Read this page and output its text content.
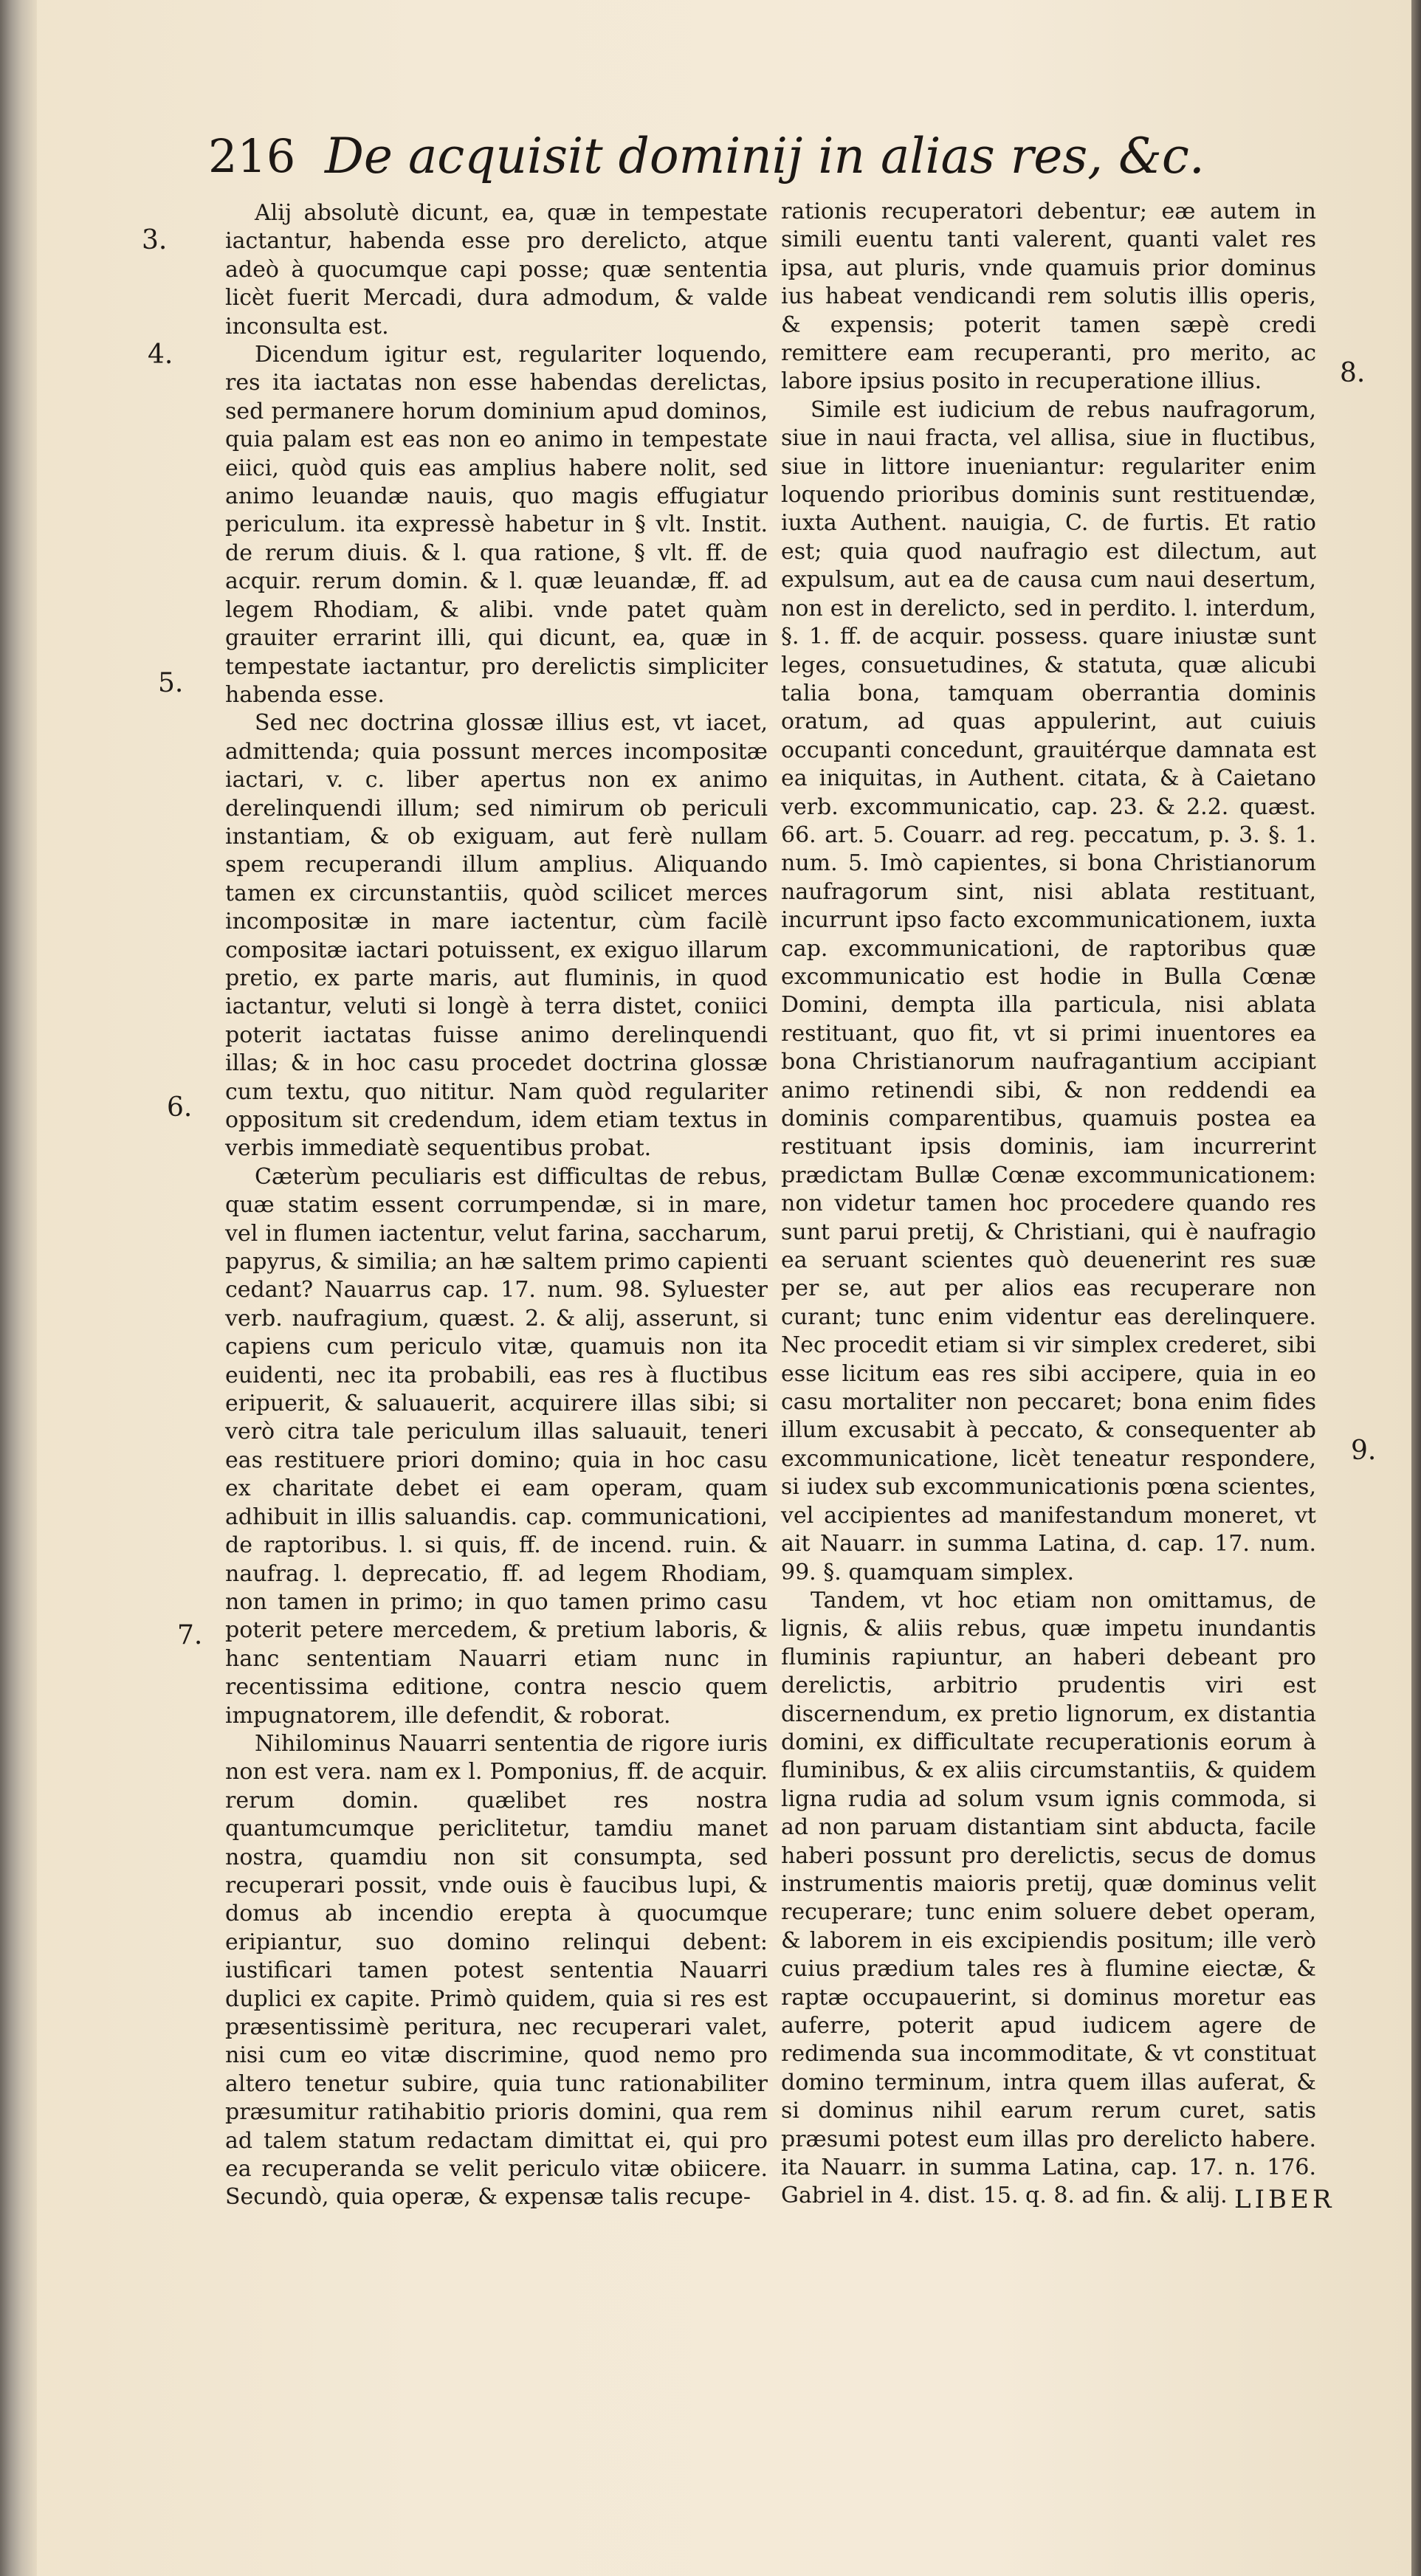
216 De acquisit dominij in alias res, &c.
3.
4.
5.
6.
7.
8.
9.

Alij absolutè dicunt, ea, quæ in tempestate iactantur, habenda esse pro derelicto, atque adeò à quocumque capi posse; quæ sententia licèt fuerit Mercadi, dura admodum, & valde inconsulta est.

Dicendum igitur est, regulariter loquendo, res ita iactatas non esse habendas derelictas, sed permanere horum dominium apud dominos, quia palam est eas non eo animo in tempestate eiici, quòd quis eas amplius habere nolit, sed animo leuandæ nauis, quo magis effugiatur periculum. ita expressè habetur in § vlt. Instit. de rerum diuis. & l. qua ratione, § vlt. ff. de acquir. rerum domin. & l. quæ leuandæ, ff. ad legem Rhodiam, & alibi. vnde patet quàm grauiter errarint illi, qui dicunt, ea, quæ in tempestate iactantur, pro derelictis simpliciter habenda esse.

Sed nec doctrina glossæ illius est, vt iacet, admittenda; quia possunt merces incompositæ iactari, v. c. liber apertus non ex animo derelinquendi illum; sed nimirum ob periculi instantiam, & ob exiguam, aut ferè nullam spem recuperandi illum amplius. Aliquando tamen ex circunstantiis, quòd scilicet merces incompositæ in mare iactentur, cùm facilè compositæ iactari potuissent, ex exiguo illarum pretio, ex parte maris, aut fluminis, in quod iactantur, veluti si longè à terra distet, coniici poterit iactatas fuisse animo derelinquendi illas; & in hoc casu procedet doctrina glossæ cum textu, quo nititur. Nam quòd regulariter oppositum sit credendum, idem etiam textus in verbis immediatè sequentibus probat.

Cæterùm peculiaris est difficultas de rebus, quæ statim essent corrumpendæ, si in mare, vel in flumen iactentur, velut farina, saccharum, papyrus, & similia; an hæ saltem primo capienti cedant? Nauarrus cap. 17. num. 98. Syluester verb. naufragium, quæst. 2. & alij, asserunt, si capiens cum periculo vitæ, quamuis non ita euidenti, nec ita probabili, eas res à fluctibus eripuerit, & saluauerit, acquirere illas sibi; si verò citra tale periculum illas saluauit, teneri eas restituere priori domino; quia in hoc casu ex charitate debet ei eam operam, quam adhibuit in illis saluandis. cap. communicationi, de raptoribus. l. si quis, ff. de incend. ruin. & naufrag. l. deprecatio, ff. ad legem Rhodiam, non tamen in primo; in quo tamen primo casu poterit petere mercedem, & pretium laboris, & hanc sententiam Nauarri etiam nunc in recentissima editione, contra nescio quem impugnatorem, ille defendit, & roborat.

Nihilominus Nauarri sententia de rigore iuris non est vera. nam ex l. Pomponius, ff. de acquir. rerum domin. quælibet res nostra quantumcumque periclitetur, tamdiu manet nostra, quamdiu non sit consumpta, sed recuperari possit, vnde ouis è faucibus lupi, & domus ab incendio erepta à quocumque eripiantur, suo domino relinqui debent: iustificari tamen potest sententia Nauarri duplici ex capite. Primò quidem, quia si res est præsentissimè peritura, nec recuperari valet, nisi cum eo vitæ discrimine, quod nemo pro altero tenetur subire, quia tunc rationabiliter præsumitur ratihabitio prioris domini, qua rem ad talem statum redactam dimittat ei, qui pro ea recuperanda se velit periculo vitæ obiicere. Secundò, quia operæ, & expensæ talis recupe-

rationis recuperatori debentur; eæ autem in simili euentu tanti valerent, quanti valet res ipsa, aut pluris, vnde quamuis prior dominus ius habeat vendicandi rem solutis illis operis, & expensis; poterit tamen sæpè credi remittere eam recuperanti, pro merito, ac labore ipsius posito in recuperatione illius.

Simile est iudicium de rebus naufragorum, siue in naui fracta, vel allisa, siue in fluctibus, siue in littore inueniantur: regulariter enim loquendo prioribus dominis sunt restituendæ, iuxta Authent. nauigia, C. de furtis. Et ratio est; quia quod naufragio est dilectum, aut expulsum, aut ea de causa cum naui desertum, non est in derelicto, sed in perdito. l. interdum, §. 1. ff. de acquir. possess. quare iniustæ sunt leges, consuetudines, & statuta, quæ alicubi talia bona, tamquam oberrantia dominis oratum, ad quas appulerint, aut cuiuis occupanti concedunt, grauitérque damnata est ea iniquitas, in Authent. citata, & à Caietano verb. excommunicatio, cap. 23. & 2.2. quæst. 66. art. 5. Couarr. ad reg. peccatum, p. 3. §. 1. num. 5. Imò capientes, si bona Christianorum naufragorum sint, nisi ablata restituant, incurrunt ipso facto excommunicationem, iuxta cap. excommunicationi, de raptoribus quæ excommunicatio est hodie in Bulla Cœnæ Domini, dempta illa particula, nisi ablata restituant, quo fit, vt si primi inuentores ea bona Christianorum naufragantium accipiant animo retinendi sibi, & non reddendi ea dominis comparentibus, quamuis postea ea restituant ipsis dominis, iam incurrerint prædictam Bullæ Cœnæ excommunicationem: non videtur tamen hoc procedere quando res sunt parui pretij, & Christiani, qui è naufragio ea seruant scientes quò deuenerint res suæ per se, aut per alios eas recuperare non curant; tunc enim videntur eas derelinquere. Nec procedit etiam si vir simplex crederet, sibi esse licitum eas res sibi accipere, quia in eo casu mortaliter non peccaret; bona enim fides illum excusabit à peccato, & consequenter ab excommunicatione, licèt teneatur respondere, si iudex sub excommunicationis pœna scientes, vel accipientes ad manifestandum moneret, vt ait Nauarr. in summa Latina, d. cap. 17. num. 99. §. quamquam simplex.

Tandem, vt hoc etiam non omittamus, de lignis, & aliis rebus, quæ impetu inundantis fluminis rapiuntur, an haberi debeant pro derelictis, arbitrio prudentis viri est discernendum, ex pretio lignorum, ex distantia domini, ex difficultate recuperationis eorum à fluminibus, & ex aliis circumstantiis, & quidem ligna rudia ad solum vsum ignis commoda, si ad non paruam distantiam sint abducta, facile haberi possunt pro derelictis, secus de domus instrumentis maioris pretij, quæ dominus velit recuperare; tunc enim soluere debet operam, & laborem in eis excipiendis positum; ille verò cuius prædium tales res à flumine eiectæ, & raptæ occupauerint, si dominus moretur eas auferre, poterit apud iudicem agere de redimenda sua incommoditate, & vt constituat domino terminum, intra quem illas auferat, & si dominus nihil earum rerum curet, satis præsumi potest eum illas pro derelicto habere. ita Nauarr. in summa Latina, cap. 17. n. 176. Gabriel in 4. dist. 15. q. 8. ad fin. & alij. LIBER
